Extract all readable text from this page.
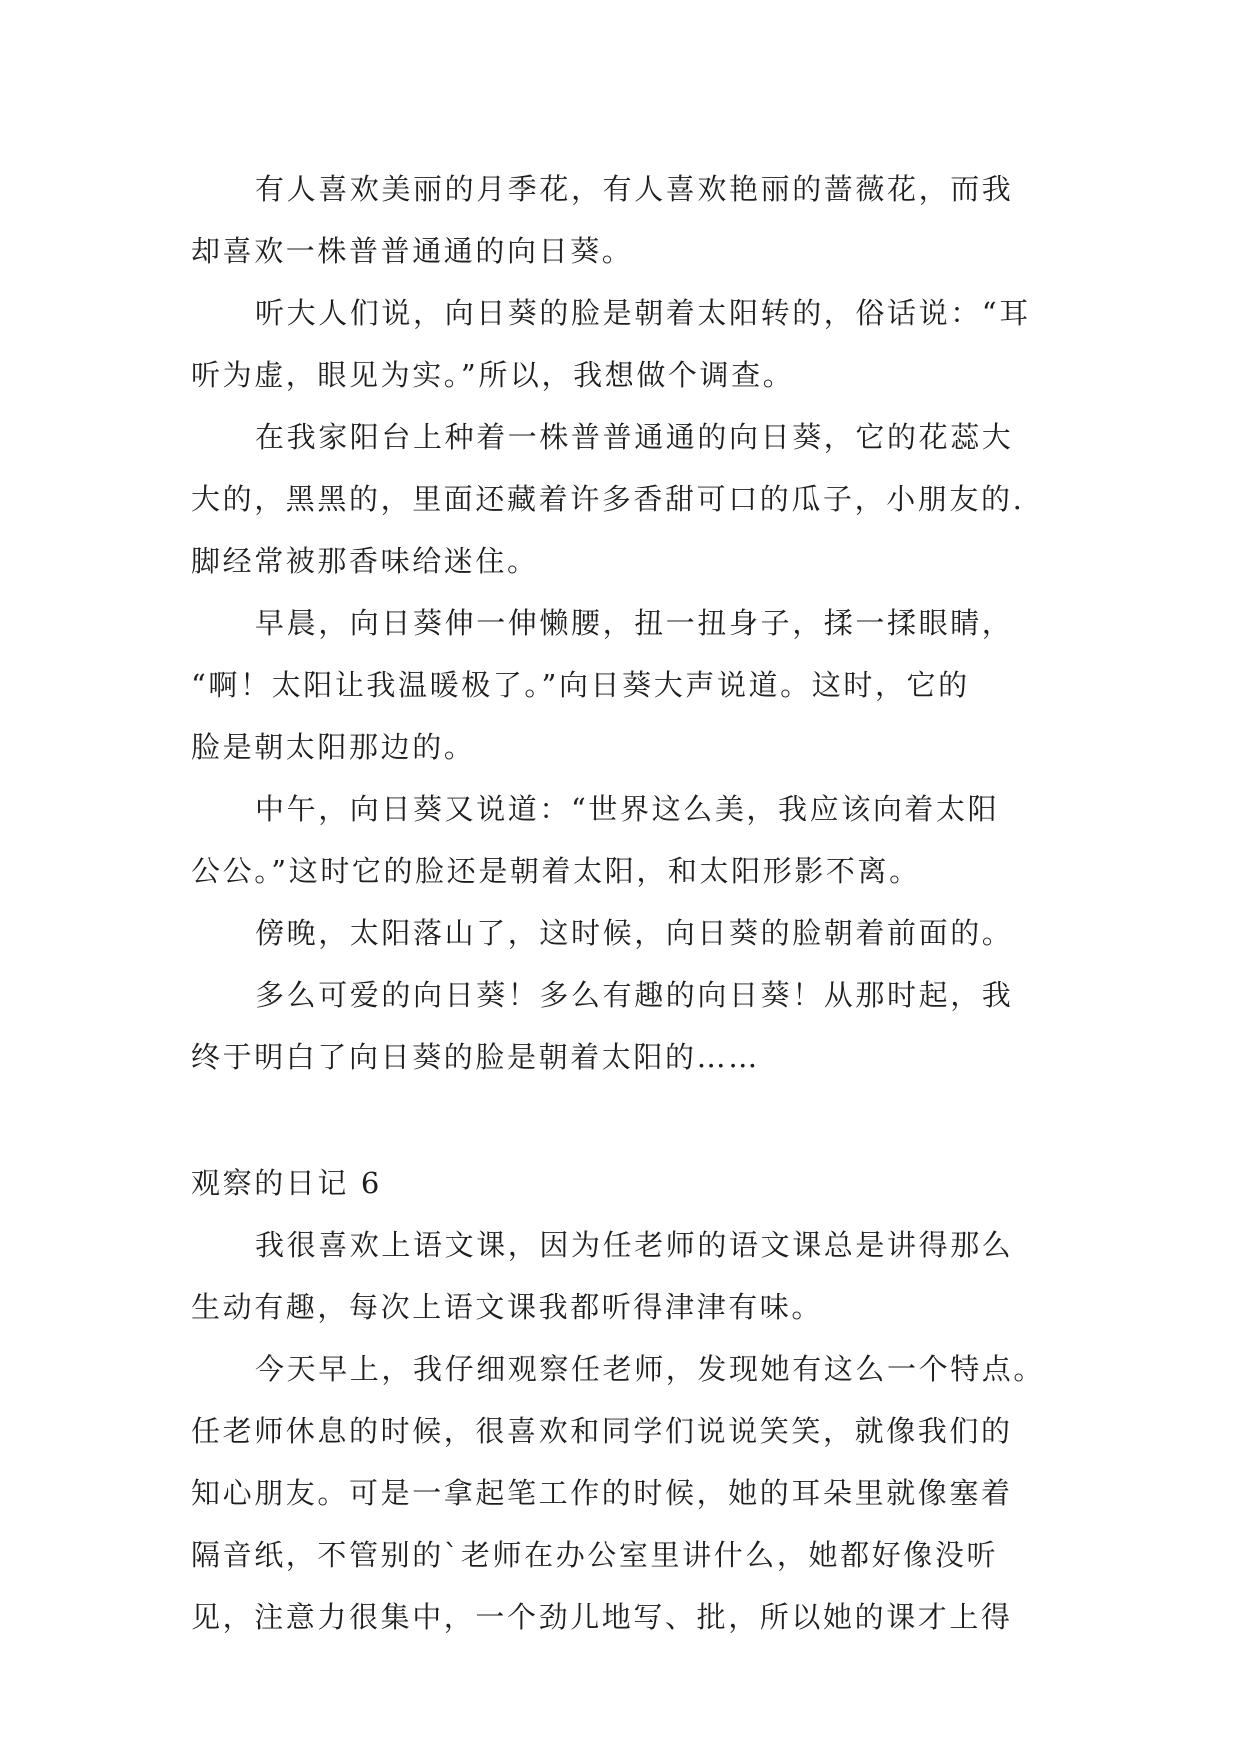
有人喜欢美丽的月季花，有人喜欢艳丽的蔷薇花，而我
却喜欢一株普普通通的向日葵。

听大人们说，向日葵的脸是朝着太阳转的，俗话说：“耳
听为虚，眼见为实。”所以，我想做个调查。

在我家阳台上种着一株普普通通的向日葵，它的花蕊大
大的，黑黑的，里面还藏着许多香甜可口的瓜子，小朋友的.
脚经常被那香味给迷住。

早晨，向日葵伸一伸懒腰，扭一扭身子，揉一揉眼睛，
“啊！太阳让我温暖极了。”向日葵大声说道。这时，它的
脸是朝太阳那边的。

中午，向日葵又说道：“世界这么美，我应该向着太阳
公公。”这时它的脸还是朝着太阳，和太阳形影不离。

傍晚，太阳落山了，这时候，向日葵的脸朝着前面的。

多么可爱的向日葵！多么有趣的向日葵！从那时起，我
终于明白了向日葵的脸是朝着太阳的……

观察的日记 6

我很喜欢上语文课，因为任老师的语文课总是讲得那么
生动有趣，每次上语文课我都听得津津有味。

今天早上，我仔细观察任老师，发现她有这么一个特点。
任老师休息的时候，很喜欢和同学们说说笑笑，就像我们的
知心朋友。可是一拿起笔工作的时候，她的耳朵里就像塞着
隔音纸，不管别的`老师在办公室里讲什么，她都好像没听
见，注意力很集中，一个劲儿地写、批，所以她的课才上得
